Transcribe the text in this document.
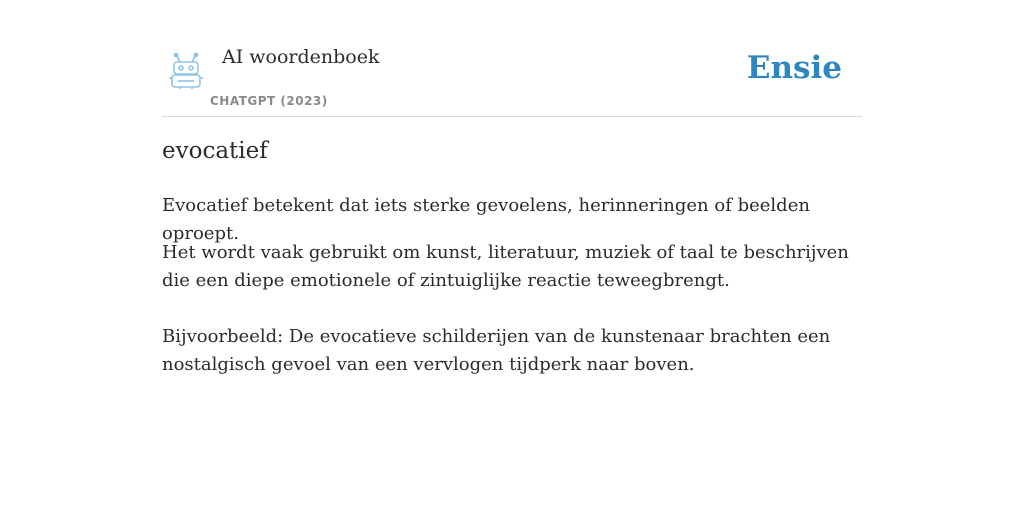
AI woordenboek
CHATGPT (2023)
Ensie
evocatief
Evocatief betekent dat iets sterke gevoelens, herinneringen of beelden oproept.
Het wordt vaak gebruikt om kunst, literatuur, muziek of taal te beschrijven die een diepe emotionele of zintuiglijke reactie teweegbrengt.
Bijvoorbeeld: De evocatieve schilderijen van de kunstenaar brachten een nostalgisch gevoel van een vervlogen tijdperk naar boven.
